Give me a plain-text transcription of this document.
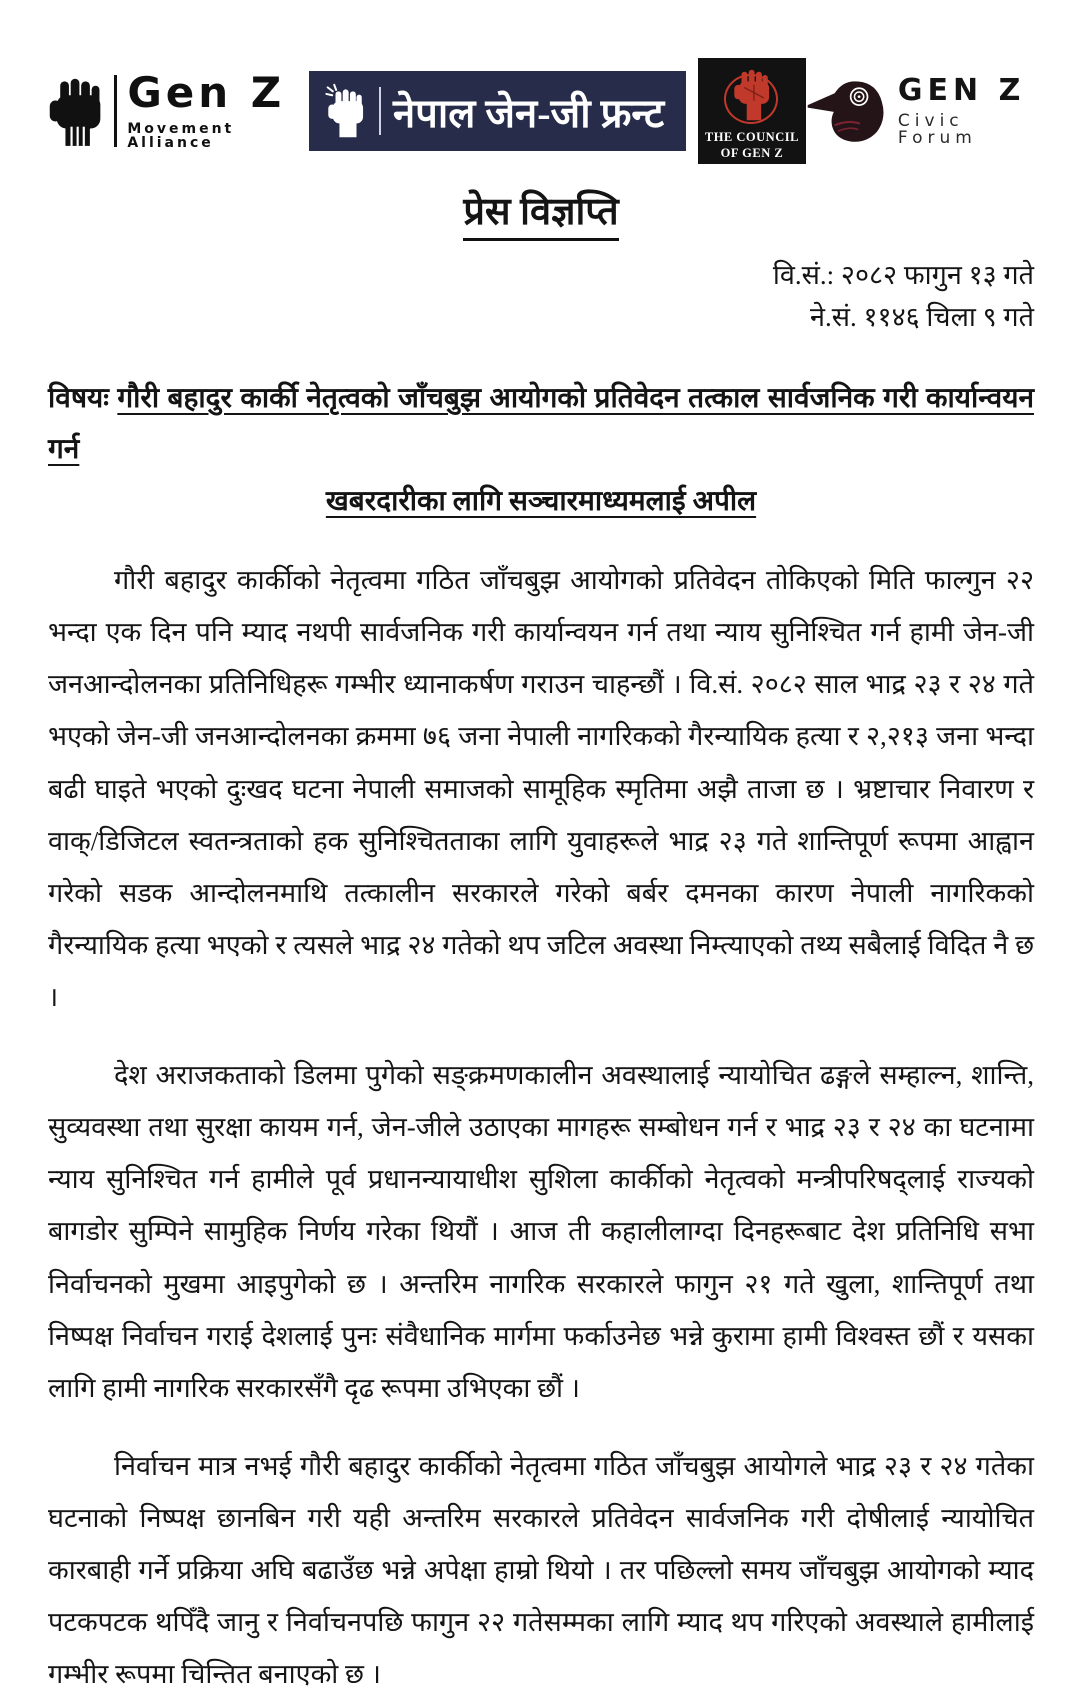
Gen Z
Movement Alliance
नेपाल जेन-जी फ्रन्ट
THE COUNCIL
OF GEN Z
GEN Z
Civic Forum
प्रेस विज्ञप्ति
वि.सं.: २०८२ फागुन १३ गते
ने.सं. ११४६ चिला ९ गते
विषयः गौरी बहादुर कार्की नेतृत्वको जाँचबुझ आयोगको प्रतिवेदन तत्काल सार्वजनिक गरी कार्यान्वयन गर्न
खबरदारीका लागि सञ्चारमाध्यमलाई अपील

गौरी बहादुर कार्कीको नेतृत्वमा गठित जाँचबुझ आयोगको प्रतिवेदन तोकिएको मिति फाल्गुन २२ भन्दा एक दिन पनि म्याद नथपी सार्वजनिक गरी कार्यान्वयन गर्न तथा न्याय सुनिश्चित गर्न हामी जेन-जी जनआन्दोलनका प्रतिनिधिहरू गम्भीर ध्यानाकर्षण गराउन चाहन्छौं । वि.सं. २०८२ साल भाद्र २३ र २४ गते भएको जेन-जी जनआन्दोलनका क्रममा ७६ जना नेपाली नागरिकको गैरन्यायिक हत्या र २,२१३ जना भन्दा बढी घाइते भएको दुःखद घटना नेपाली समाजको सामूहिक स्मृतिमा अझै ताजा छ । भ्रष्टाचार निवारण र वाक्/डिजिटल स्वतन्त्रताको हक सुनिश्चितताका लागि युवाहरूले भाद्र २३ गते शान्तिपूर्ण रूपमा आह्वान गरेको सडक आन्दोलनमाथि तत्कालीन सरकारले गरेको बर्बर दमनका कारण नेपाली नागरिकको गैरन्यायिक हत्या भएको र त्यसले भाद्र २४ गतेको थप जटिल अवस्था निम्त्याएको तथ्य सबैलाई विदित नै छ ।

देश अराजकताको डिलमा पुगेको सङ्क्रमणकालीन अवस्थालाई न्यायोचित ढङ्गले सम्हाल्न, शान्ति, सुव्यवस्था तथा सुरक्षा कायम गर्न, जेन-जीले उठाएका मागहरू सम्बोधन गर्न र भाद्र २३ र २४ का घटनामा न्याय सुनिश्चित गर्न हामीले पूर्व प्रधानन्यायाधीश सुशिला कार्कीको नेतृत्वको मन्त्रीपरिषद्लाई राज्यको बागडोर सुम्पिने सामुहिक निर्णय गरेका थियौं । आज ती कहालीलाग्दा दिनहरूबाट देश प्रतिनिधि सभा निर्वाचनको मुखमा आइपुगेको छ । अन्तरिम नागरिक सरकारले फागुन २१ गते खुला, शान्तिपूर्ण तथा निष्पक्ष निर्वाचन गराई देशलाई पुनः संवैधानिक मार्गमा फर्काउनेछ भन्ने कुरामा हामी विश्वस्त छौं र यसका लागि हामी नागरिक सरकारसँगै दृढ रूपमा उभिएका छौं ।

निर्वाचन मात्र नभई गौरी बहादुर कार्कीको नेतृत्वमा गठित जाँचबुझ आयोगले भाद्र २३ र २४ गतेका घटनाको निष्पक्ष छानबिन गरी यही अन्तरिम सरकारले प्रतिवेदन सार्वजनिक गरी दोषीलाई न्यायोचित कारबाही गर्ने प्रक्रिया अघि बढाउँछ भन्ने अपेक्षा हाम्रो थियो । तर पछिल्लो समय जाँचबुझ आयोगको म्याद पटकपटक थपिँदै जानु र निर्वाचनपछि फागुन २२ गतेसम्मका लागि म्याद थप गरिएको अवस्थाले हामीलाई गम्भीर रूपमा चिन्तित बनाएको छ ।
